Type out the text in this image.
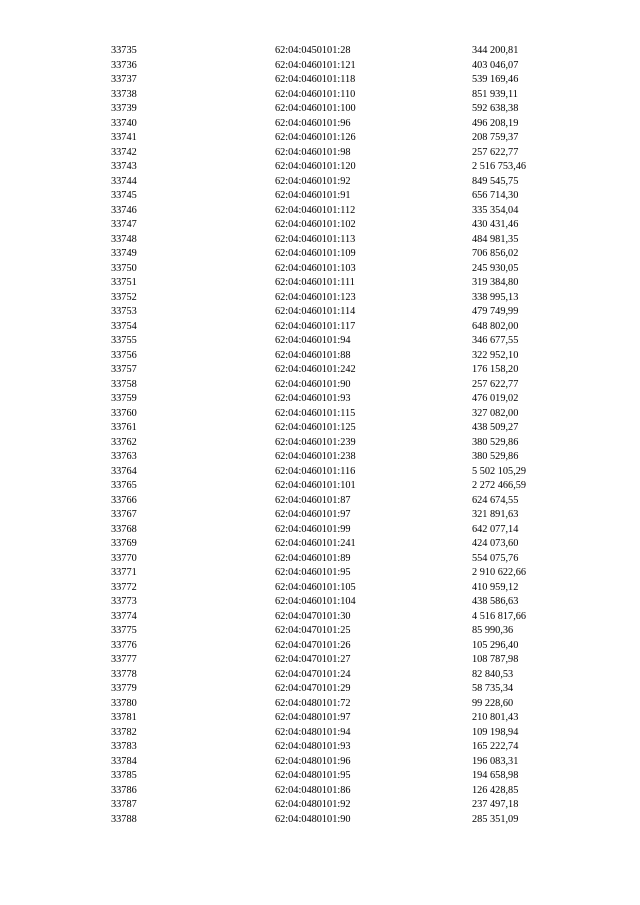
33735	62:04:0450101:28	344 200,81
33736	62:04:0460101:121	403 046,07
33737	62:04:0460101:118	539 169,46
33738	62:04:0460101:110	851 939,11
33739	62:04:0460101:100	592 638,38
33740	62:04:0460101:96	496 208,19
33741	62:04:0460101:126	208 759,37
33742	62:04:0460101:98	257 622,77
33743	62:04:0460101:120	2 516 753,46
33744	62:04:0460101:92	849 545,75
33745	62:04:0460101:91	656 714,30
33746	62:04:0460101:112	335 354,04
33747	62:04:0460101:102	430 431,46
33748	62:04:0460101:113	484 981,35
33749	62:04:0460101:109	706 856,02
33750	62:04:0460101:103	245 930,05
33751	62:04:0460101:111	319 384,80
33752	62:04:0460101:123	338 995,13
33753	62:04:0460101:114	479 749,99
33754	62:04:0460101:117	648 802,00
33755	62:04:0460101:94	346 677,55
33756	62:04:0460101:88	322 952,10
33757	62:04:0460101:242	176 158,20
33758	62:04:0460101:90	257 622,77
33759	62:04:0460101:93	476 019,02
33760	62:04:0460101:115	327 082,00
33761	62:04:0460101:125	438 509,27
33762	62:04:0460101:239	380 529,86
33763	62:04:0460101:238	380 529,86
33764	62:04:0460101:116	5 502 105,29
33765	62:04:0460101:101	2 272 466,59
33766	62:04:0460101:87	624 674,55
33767	62:04:0460101:97	321 891,63
33768	62:04:0460101:99	642 077,14
33769	62:04:0460101:241	424 073,60
33770	62:04:0460101:89	554 075,76
33771	62:04:0460101:95	2 910 622,66
33772	62:04:0460101:105	410 959,12
33773	62:04:0460101:104	438 586,63
33774	62:04:0470101:30	4 516 817,66
33775	62:04:0470101:25	85 990,36
33776	62:04:0470101:26	105 296,40
33777	62:04:0470101:27	108 787,98
33778	62:04:0470101:24	82 840,53
33779	62:04:0470101:29	58 735,34
33780	62:04:0480101:72	99 228,60
33781	62:04:0480101:97	210 801,43
33782	62:04:0480101:94	109 198,94
33783	62:04:0480101:93	165 222,74
33784	62:04:0480101:96	196 083,31
33785	62:04:0480101:95	194 658,98
33786	62:04:0480101:86	126 428,85
33787	62:04:0480101:92	237 497,18
33788	62:04:0480101:90	285 351,09
